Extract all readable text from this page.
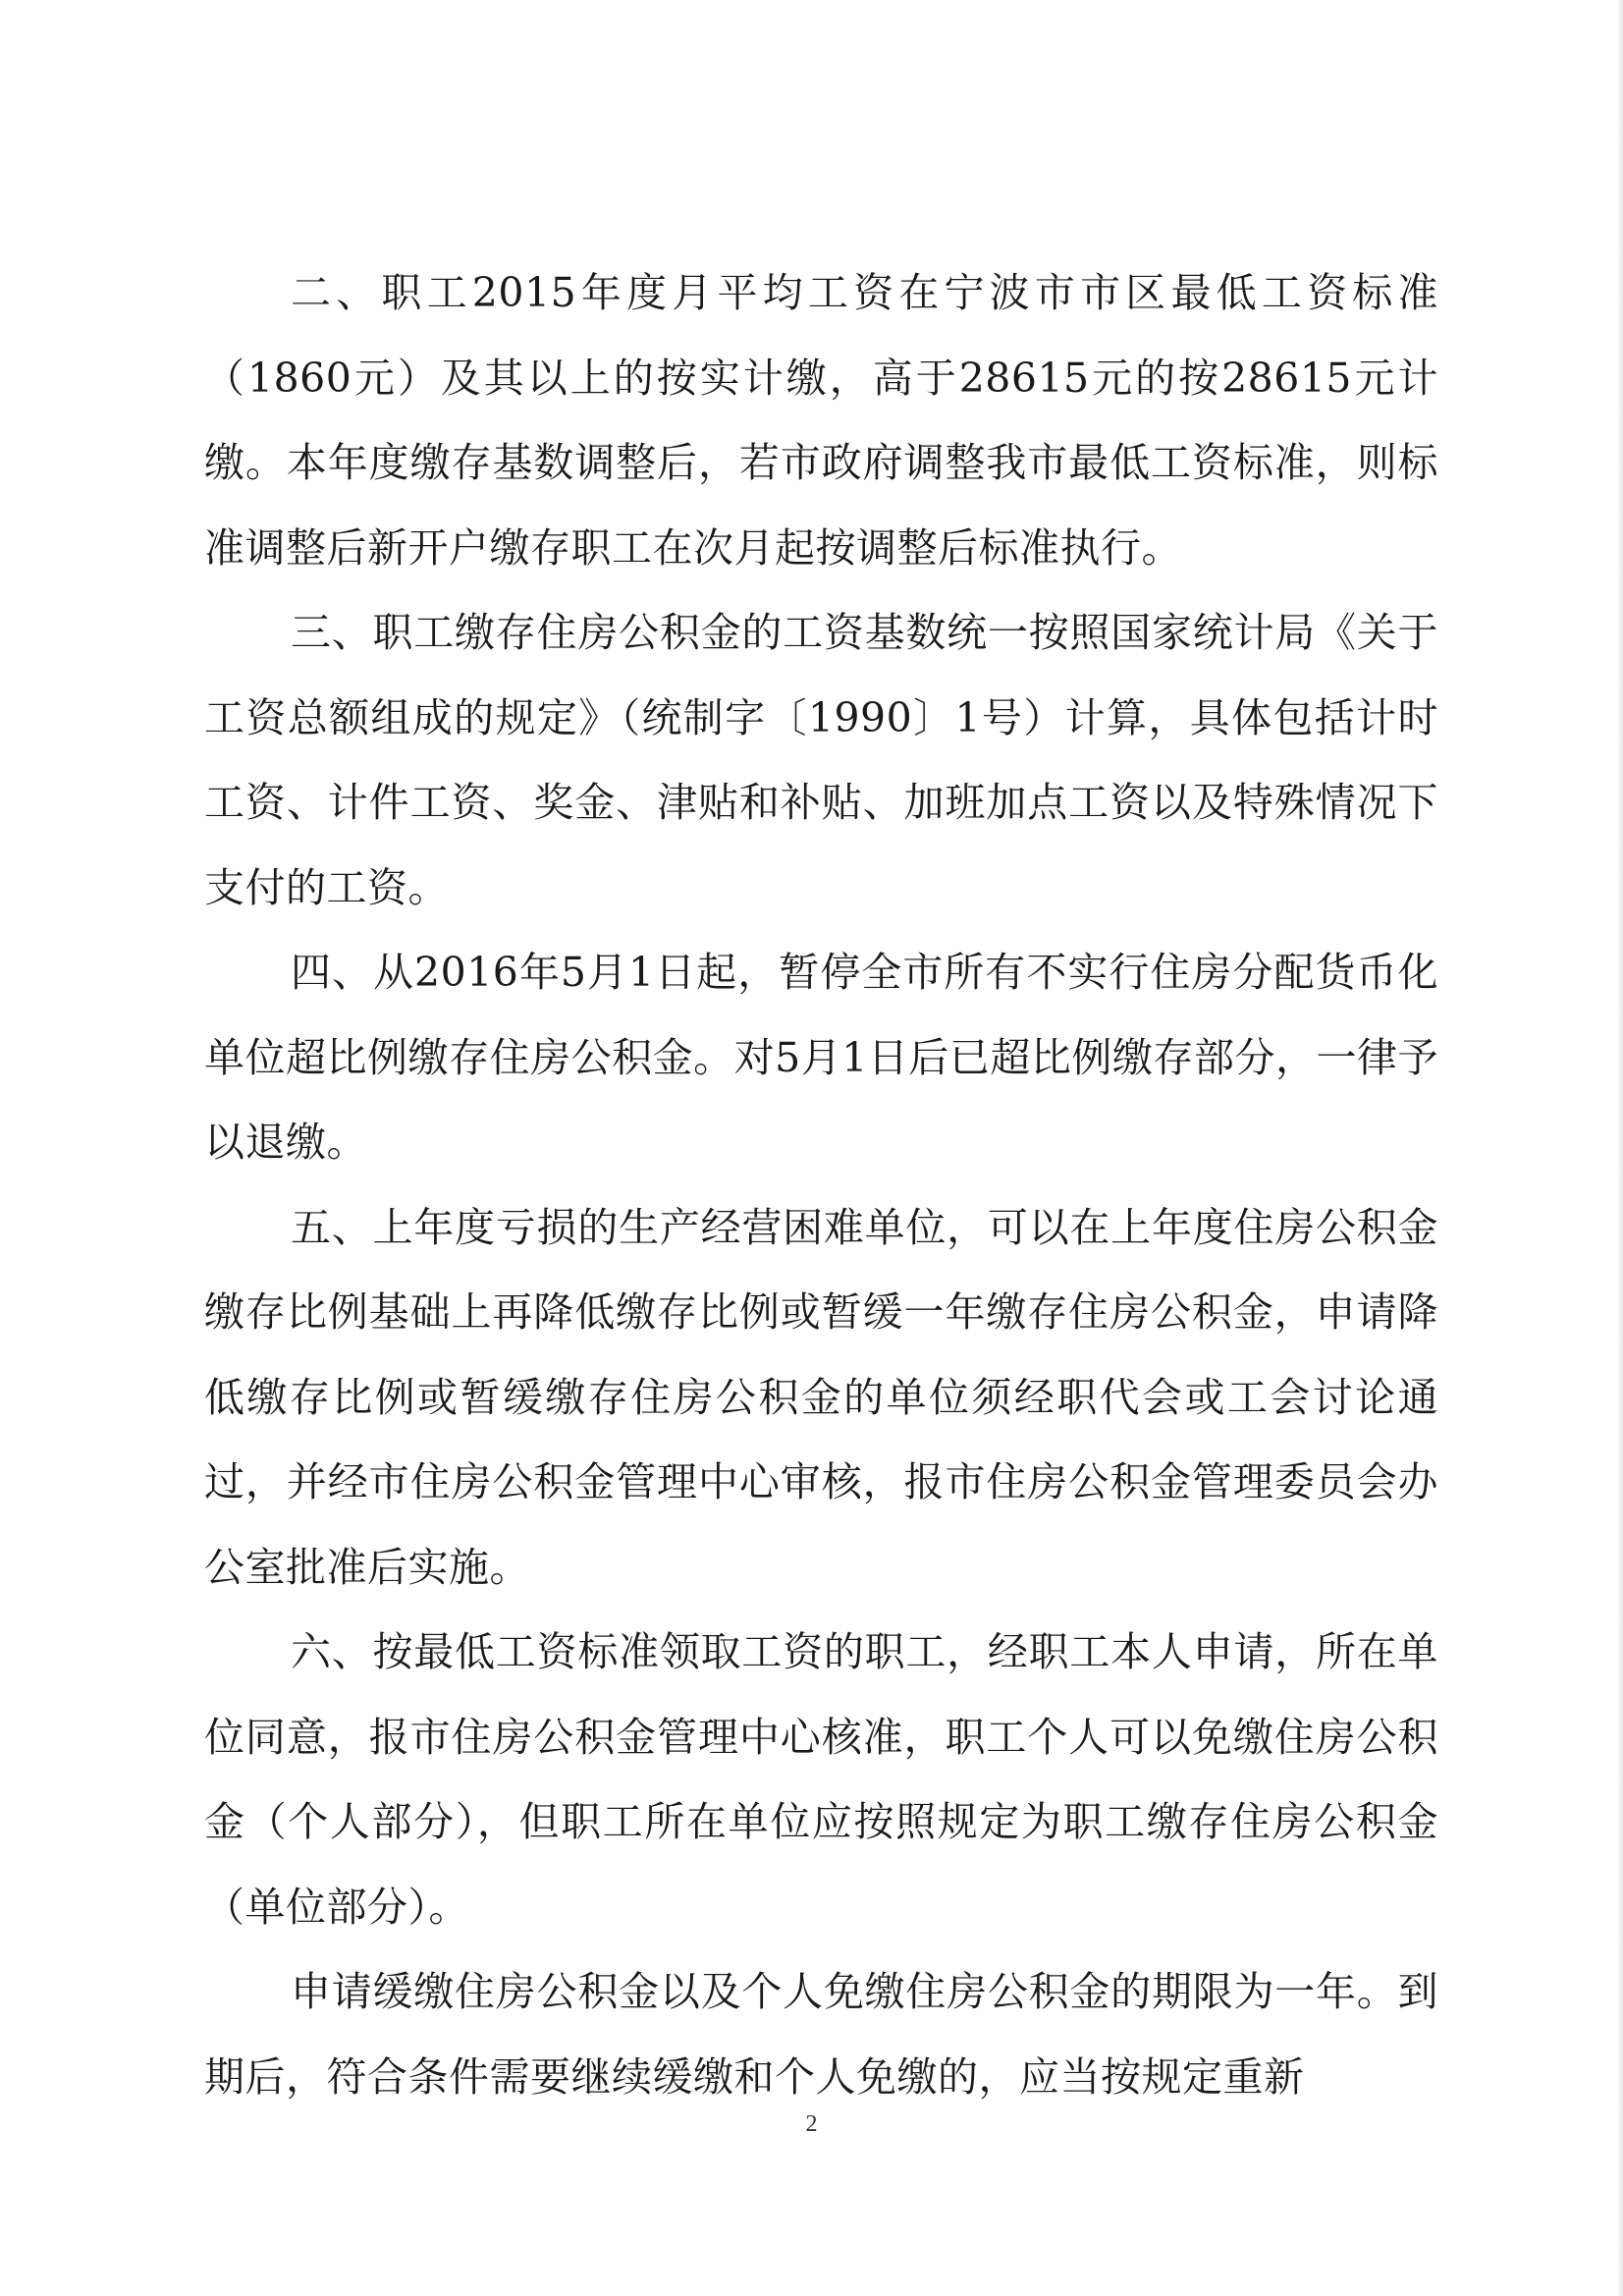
二、职工2015年度月平均工资在宁波市市区最低工资标准（1860元）及其以上的按实计缴，高于28615元的按28615元计缴。本年度缴存基数调整后，若市政府调整我市最低工资标准，则标准调整后新开户缴存职工在次月起按调整后标准执行。

三、职工缴存住房公积金的工资基数统一按照国家统计局《关于工资总额组成的规定》（统制字〔1990〕1号）计算，具体包括计时工资、计件工资、奖金、津贴和补贴、加班加点工资以及特殊情况下支付的工资。

四、从2016年5月1日起，暂停全市所有不实行住房分配货币化单位超比例缴存住房公积金。对5月1日后已超比例缴存部分，一律予以退缴。

五、上年度亏损的生产经营困难单位，可以在上年度住房公积金缴存比例基础上再降低缴存比例或暂缓一年缴存住房公积金，申请降低缴存比例或暂缓缴存住房公积金的单位须经职代会或工会讨论通过，并经市住房公积金管理中心审核，报市住房公积金管理委员会办公室批准后实施。

六、按最低工资标准领取工资的职工，经职工本人申请，所在单位同意，报市住房公积金管理中心核准，职工个人可以免缴住房公积金（个人部分），但职工所在单位应按照规定为职工缴存住房公积金（单位部分）。

申请缓缴住房公积金以及个人免缴住房公积金的期限为一年。到期后，符合条件需要继续缓缴和个人免缴的，应当按规定重新

2
